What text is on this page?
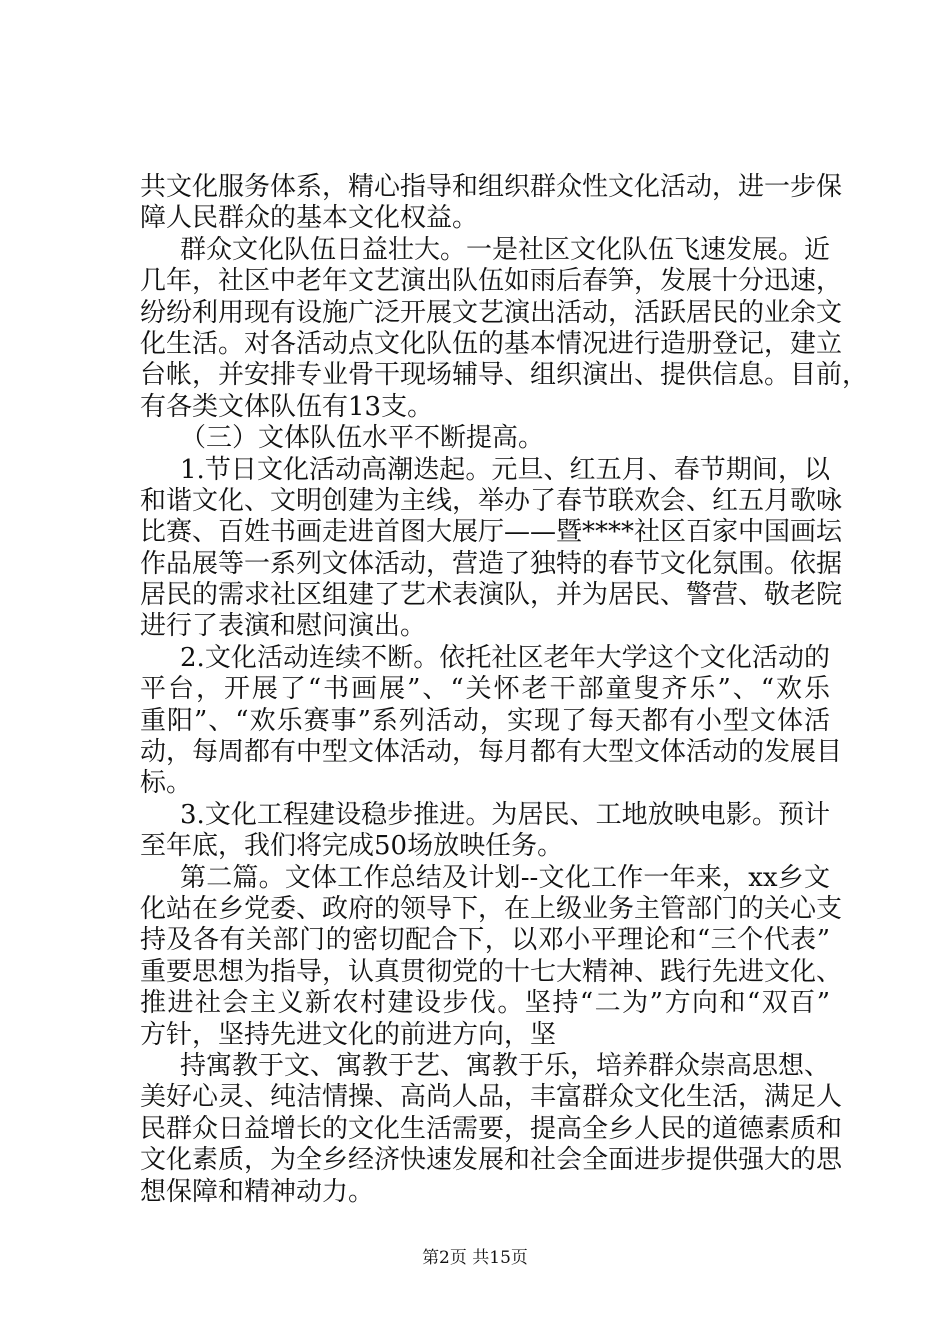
共文化服务体系，精心指导和组织群众性文化活动，进一步保
障人民群众的基本文化权益。
群众文化队伍日益壮大。一是社区文化队伍飞速发展。近
几年，社区中老年文艺演出队伍如雨后春笋，发展十分迅速，
纷纷利用现有设施广泛开展文艺演出活动，活跃居民的业余文
化生活。对各活动点文化队伍的基本情况进行造册登记，建立
台帐，并安排专业骨干现场辅导、组织演出、提供信息。目前，
有各类文体队伍有13支。
（三）文体队伍水平不断提高。
1.节日文化活动高潮迭起。元旦、红五月、春节期间，以
和谐文化、文明创建为主线，举办了春节联欢会、红五月歌咏
比赛、百姓书画走进首图大展厅——暨****社区百家中国画坛
作品展等一系列文体活动，营造了独特的春节文化氛围。依据
居民的需求社区组建了艺术表演队，并为居民、警营、敬老院
进行了表演和慰问演出。
2.文化活动连续不断。依托社区老年大学这个文化活动的
平台，开展了“书画展”、“关怀老干部童叟齐乐”、“欢乐
重阳”、“欢乐赛事”系列活动，实现了每天都有小型文体活
动，每周都有中型文体活动，每月都有大型文体活动的发展目
标。
3.文化工程建设稳步推进。为居民、工地放映电影。预计
至年底，我们将完成50场放映任务。
第二篇。文体工作总结及计划--文化工作一年来，xx乡文
化站在乡党委、政府的领导下，在上级业务主管部门的关心支
持及各有关部门的密切配合下，以邓小平理论和“三个代表”
重要思想为指导，认真贯彻党的十七大精神、践行先进文化、
推进社会主义新农村建设步伐。坚持“二为”方向和“双百”
方针，坚持先进文化的前进方向，坚
持寓教于文、寓教于艺、寓教于乐，培养群众崇高思想、
美好心灵、纯洁情操、高尚人品，丰富群众文化生活，满足人
民群众日益增长的文化生活需要，提高全乡人民的道德素质和
文化素质，为全乡经济快速发展和社会全面进步提供强大的思
想保障和精神动力。
第2页 共15页
